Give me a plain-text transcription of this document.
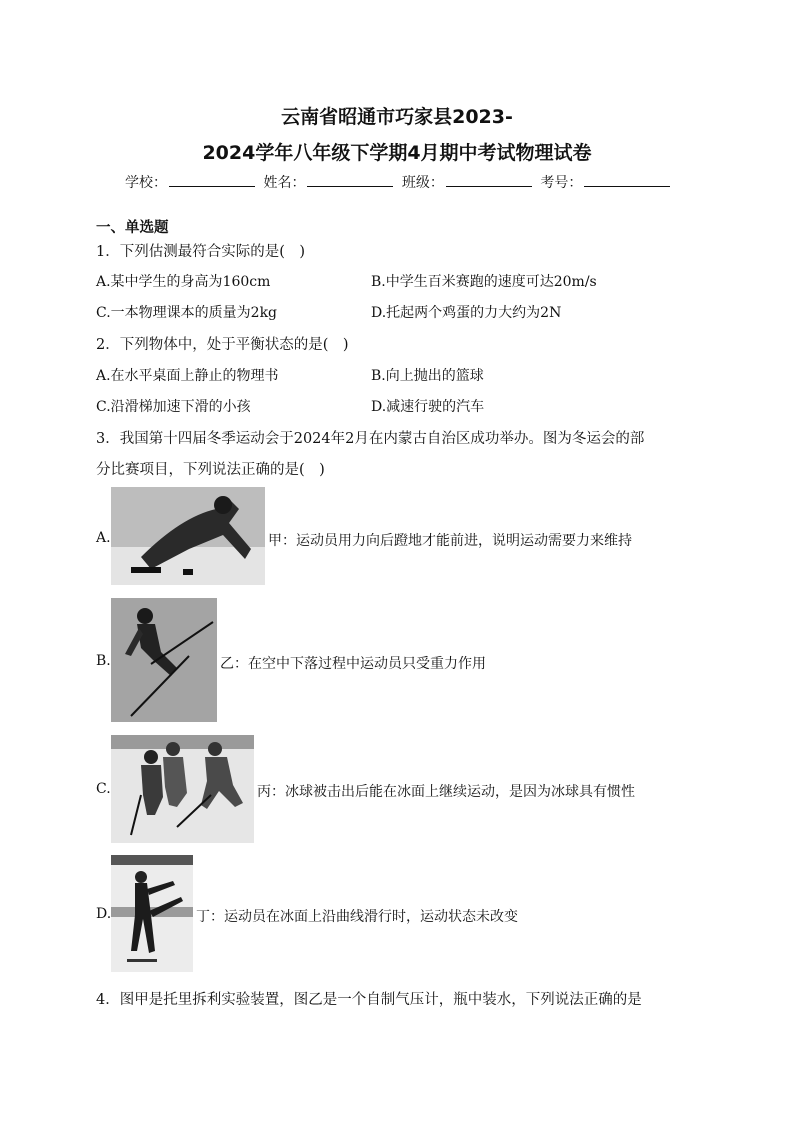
云南省昭通市巧家县2023-
2024学年八年级下学期4月期中考试物理试卷
学校：	姓名：	班级：	考号：
一、单选题
1．下列估测最符合实际的是(　)
A.某中学生的身高为160cm	B.中学生百米赛跑的速度可达20m/s
C.一本物理课本的质量为2kg	D.托起两个鸡蛋的力大约为2N
2．下列物体中，处于平衡状态的是(　)
A.在水平桌面上静止的物理书	B.向上抛出的篮球
C.沿滑梯加速下滑的小孩	D.减速行驶的汽车
3．我国第十四届冬季运动会于2024年2月在内蒙古自治区成功举办。图为冬运会的部
分比赛项目，下列说法正确的是(　)
A.	甲：运动员用力向后蹬地才能前进，说明运动需要力来维持
B.	乙：在空中下落过程中运动员只受重力作用
C.	丙：冰球被击出后能在冰面上继续运动，是因为冰球具有惯性
D.	丁：运动员在冰面上沿曲线滑行时，运动状态未改变
4．图甲是托里拆利实验装置，图乙是一个自制气压计，瓶中装水，下列说法正确的是
